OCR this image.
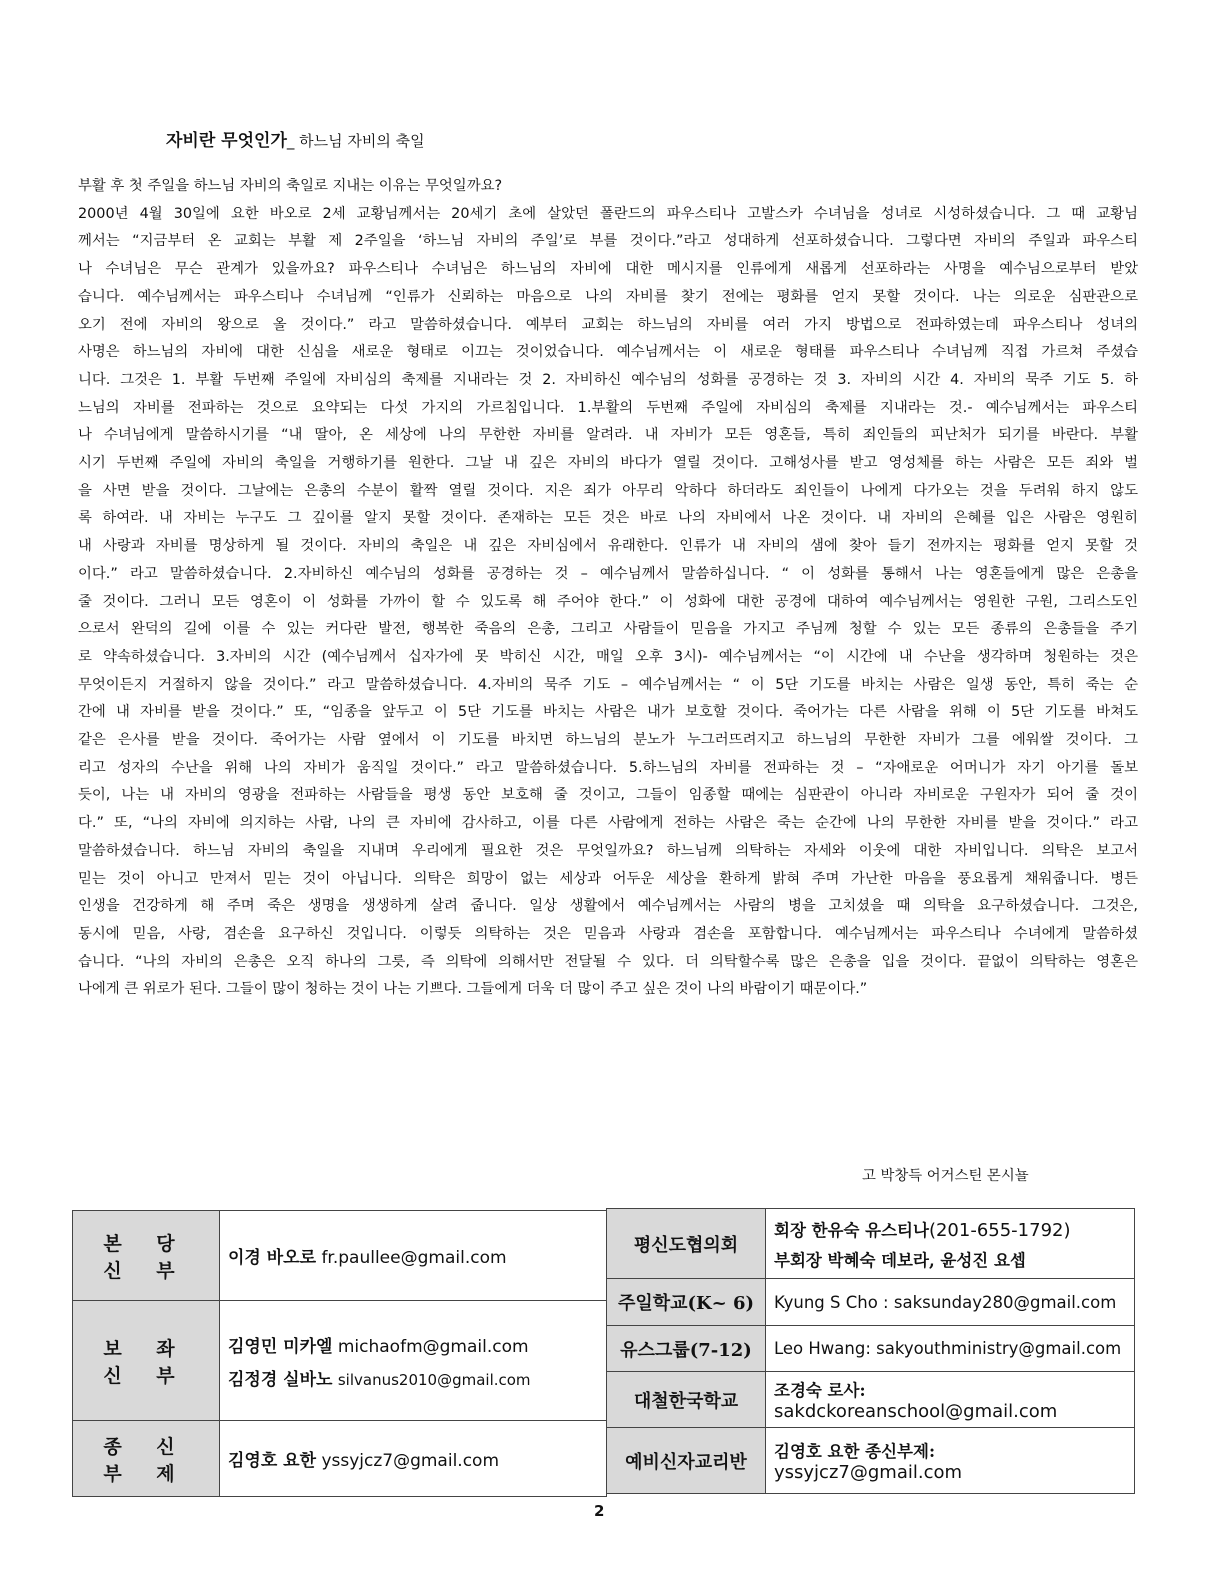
자비란 무엇인가_ 하느님 자비의 축일
부활 후 첫 주일을 하느님 자비의 축일로 지내는 이유는 무엇일까요?
2000년 4월 30일에 요한 바오로 2세 교황님께서는 20세기 초에 살았던 폴란드의 파우스티나 고발스카 수녀님을 성녀로 시성하셨습니다. 그 때 교황님
께서는 “지금부터 온 교회는 부활 제 2주일을 ‘하느님 자비의 주일’로 부를 것이다.”라고 성대하게 선포하셨습니다. 그렇다면 자비의 주일과 파우스티
나 수녀님은 무슨 관계가 있을까요? 파우스티나 수녀님은 하느님의 자비에 대한 메시지를 인류에게 새롭게 선포하라는 사명을 예수님으로부터 받았
습니다. 예수님께서는 파우스티나 수녀님께 “인류가 신뢰하는 마음으로 나의 자비를 찾기 전에는 평화를 얻지 못할 것이다. 나는 의로운 심판관으로
오기 전에 자비의 왕으로 올 것이다.” 라고 말씀하셨습니다. 예부터 교회는 하느님의 자비를 여러 가지 방법으로 전파하였는데 파우스티나 성녀의
사명은 하느님의 자비에 대한 신심을 새로운 형태로 이끄는 것이었습니다. 예수님께서는 이 새로운 형태를 파우스티나 수녀님께 직접 가르쳐 주셨습
니다. 그것은 1. 부활 두번째 주일에 자비심의 축제를 지내라는 것 2. 자비하신 예수님의 성화를 공경하는 것 3. 자비의 시간 4. 자비의 묵주 기도 5. 하
느님의 자비를 전파하는 것으로 요약되는 다섯 가지의 가르침입니다. 1.부활의 두번째 주일에 자비심의 축제를 지내라는 것.- 예수님께서는 파우스티
나 수녀님에게 말씀하시기를 “내 딸아, 온 세상에 나의 무한한 자비를 알려라. 내 자비가 모든 영혼들, 특히 죄인들의 피난처가 되기를 바란다. 부활
시기 두번째 주일에 자비의 축일을 거행하기를 원한다. 그날 내 깊은 자비의 바다가 열릴 것이다. 고해성사를 받고 영성체를 하는 사람은 모든 죄와 벌
을 사면 받을 것이다. 그날에는 은총의 수분이 활짝 열릴 것이다. 지은 죄가 아무리 악하다 하더라도 죄인들이 나에게 다가오는 것을 두려워 하지 않도
록 하여라. 내 자비는 누구도 그 깊이를 알지 못할 것이다. 존재하는 모든 것은 바로 나의 자비에서 나온 것이다. 내 자비의 은혜를 입은 사람은 영원히
내 사랑과 자비를 명상하게 될 것이다. 자비의 축일은 내 깊은 자비심에서 유래한다. 인류가 내 자비의 샘에 찾아 들기 전까지는 평화를 얻지 못할 것
이다.” 라고 말씀하셨습니다. 2.자비하신 예수님의 성화를 공경하는 것 – 예수님께서 말씀하십니다. “ 이 성화를 통해서 나는 영혼들에게 많은 은총을
줄 것이다. 그러니 모든 영혼이 이 성화를 가까이 할 수 있도록 해 주어야 한다.” 이 성화에 대한 공경에 대하여 예수님께서는 영원한 구원, 그리스도인
으로서 완덕의 길에 이를 수 있는 커다란 발전, 행복한 죽음의 은총, 그리고 사람들이 믿음을 가지고 주님께 청할 수 있는 모든 종류의 은총들을 주기
로 약속하셨습니다. 3.자비의 시간 (예수님께서 십자가에 못 박히신 시간, 매일 오후 3시)- 예수님께서는 “이 시간에 내 수난을 생각하며 청원하는 것은
무엇이든지 거절하지 않을 것이다.” 라고 말씀하셨습니다. 4.자비의 묵주 기도 – 예수님께서는 “ 이 5단 기도를 바치는 사람은 일생 동안, 특히 죽는 순
간에 내 자비를 받을 것이다.” 또, “임종을 앞두고 이 5단 기도를 바치는 사람은 내가 보호할 것이다. 죽어가는 다른 사람을 위해 이 5단 기도를 바쳐도
같은 은사를 받을 것이다. 죽어가는 사람 옆에서 이 기도를 바치면 하느님의 분노가 누그러뜨려지고 하느님의 무한한 자비가 그를 에워쌀 것이다. 그
리고 성자의 수난을 위해 나의 자비가 움직일 것이다.” 라고 말씀하셨습니다. 5.하느님의 자비를 전파하는 것 – “자애로운 어머니가 자기 아기를 돌보
듯이, 나는 내 자비의 영광을 전파하는 사람들을 평생 동안 보호해 줄 것이고, 그들이 임종할 때에는 심판관이 아니라 자비로운 구원자가 되어 줄 것이
다.” 또, “나의 자비에 의지하는 사람, 나의 큰 자비에 감사하고, 이를 다른 사람에게 전하는 사람은 죽는 순간에 나의 무한한 자비를 받을 것이다.” 라고
말씀하셨습니다. 하느님 자비의 축일을 지내며 우리에게 필요한 것은 무엇일까요? 하느님께 의탁하는 자세와 이웃에 대한 자비입니다. 의탁은 보고서
믿는 것이 아니고 만져서 믿는 것이 아닙니다. 의탁은 희망이 없는 세상과 어두운 세상을 환하게 밝혀 주며 가난한 마음을 풍요롭게 채워줍니다. 병든
인생을 건강하게 해 주며 죽은 생명을 생생하게 살려 줍니다. 일상 생활에서 예수님께서는 사람의 병을 고치셨을 때 의탁을 요구하셨습니다. 그것은,
동시에 믿음, 사랑, 겸손을 요구하신 것입니다. 이렇듯 의탁하는 것은 믿음과 사랑과 겸손을 포함합니다. 예수님께서는 파우스티나 수녀에게 말씀하셨
습니다. “나의 자비의 은총은 오직 하나의 그릇, 즉 의탁에 의해서만 전달될 수 있다. 더 의탁할수록 많은 은총을 입을 것이다. 끝없이 의탁하는 영혼은
나에게 큰 위로가 된다. 그들이 많이 청하는 것이 나는 기쁘다. 그들에게 더욱 더 많이 주고 싶은 것이 나의 바람이기 때문이다.”
고 박창득 어거스틴 몬시뇰
본 당 신 부	이경 바오로 fr.paullee@gmail.com
보 좌 신 부	김영민 미카엘 michaofm@gmail.com
김정경 실바노 silvanus2010@gmail.com

종 신 부 제	김영호 요한 yssyjcz7@gmail.com
평신도협의회	회장 한유숙 유스티나(201-655-1792)
부회장 박혜숙 데보라, 윤성진 요셉

주일학교(K~ 6)	Kyung S Cho : saksunday280@gmail.com
유스그룹(7-12)	Leo Hwang: sakyouthministry@gmail.com
대철한국학교	조경숙 로사:
sakdckoreanschool@gmail.com

예비신자교리반	김영호 요한 종신부제:
yssyjcz7@gmail.com
2
